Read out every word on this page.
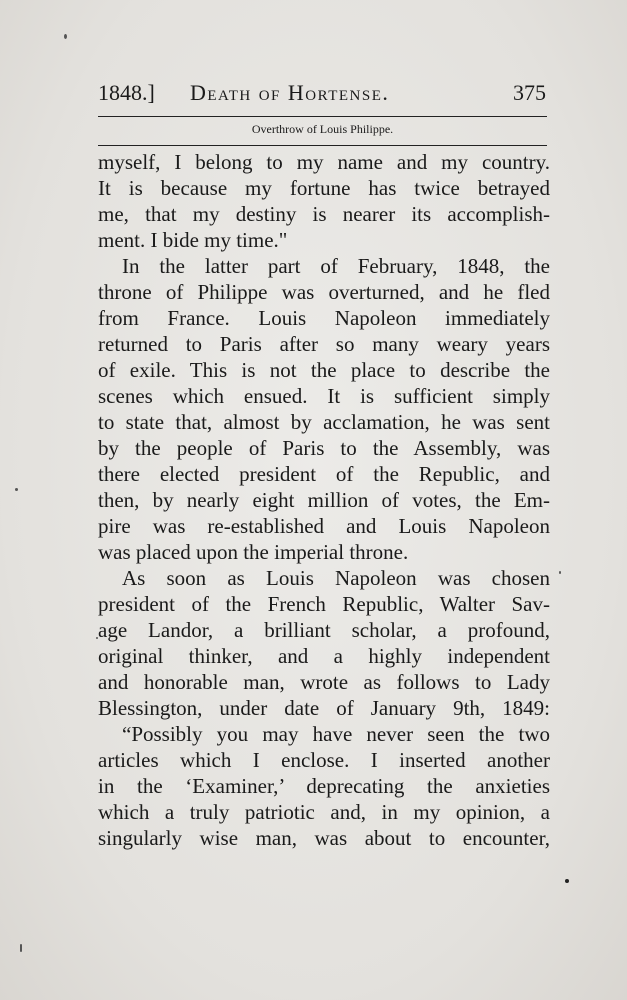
1848.] Death of Hortense.	375
Overthrow of Louis Philippe.
myself, I belong to my name and my country.
It is because my fortune has twice betrayed
me, that my destiny is nearer its accomplish-
ment. I bide my time."
In the latter part of February, 1848, the
throne of Philippe was overturned, and he fled
from France. Louis Napoleon immediately
returned to Paris after so many weary years
of exile. This is not the place to describe the
scenes which ensued. It is sufficient simply
to state that, almost by acclamation, he was sent
by the people of Paris to the Assembly, was
there elected president of the Republic, and
then, by nearly eight million of votes, the Em-
pire was re-established and Louis Napoleon
was placed upon the imperial throne.
As soon as Louis Napoleon was chosen
president of the French Republic, Walter Sav-
age Landor, a brilliant scholar, a profound,
original thinker, and a highly independent
and honorable man, wrote as follows to Lady
Blessington, under date of January 9th, 1849:
“Possibly you may have never seen the two
articles which I enclose. I inserted another
in the ‘Examiner,’ deprecating the anxieties
which a truly patriotic and, in my opinion, a
singularly wise man, was about to encounter,
